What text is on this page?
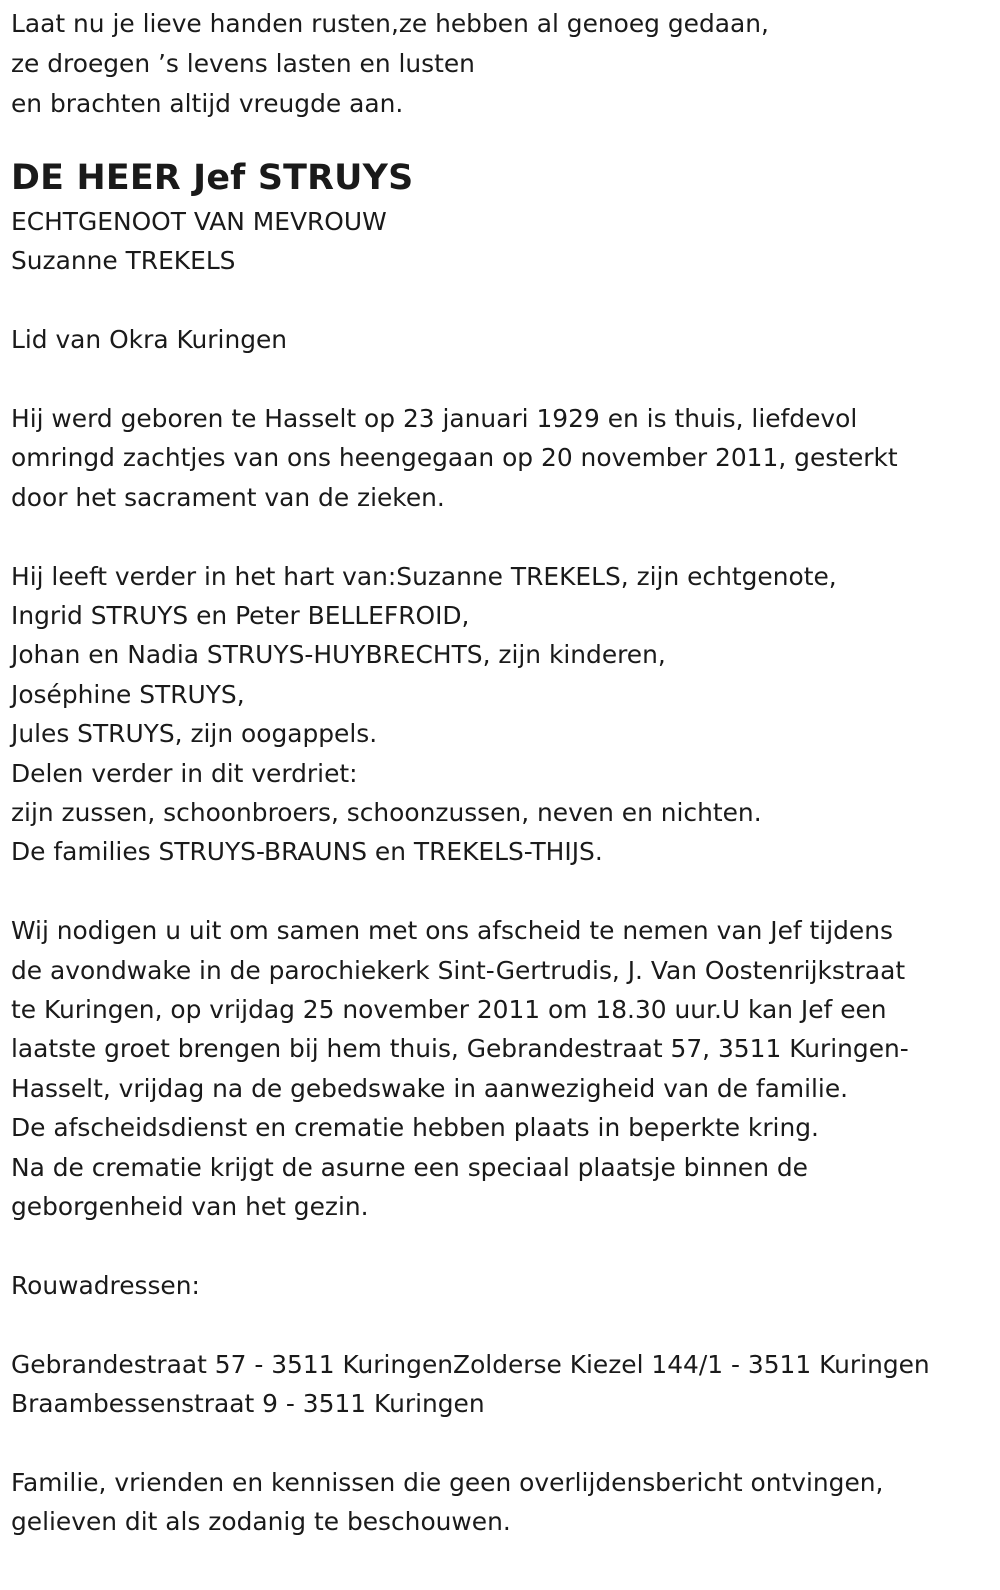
Laat nu je lieve handen rusten,ze hebben al genoeg gedaan,
ze droegen ’s levens lasten en lusten
en brachten altijd vreugde aan.
DE HEER Jef STRUYS
ECHTGENOOT VAN MEVROUW
Suzanne TREKELS
Lid van Okra Kuringen
Hij werd geboren te Hasselt op 23 januari 1929 en is thuis, liefdevol
omringd zachtjes van ons heengegaan op 20 november 2011, gesterkt
door het sacrament van de zieken.
Hij leeft verder in het hart van:Suzanne TREKELS, zijn echtgenote,
Ingrid STRUYS en Peter BELLEFROID,
Johan en Nadia STRUYS-HUYBRECHTS, zijn kinderen,
Joséphine STRUYS,
Jules STRUYS, zijn oogappels.
Delen verder in dit verdriet:
zijn zussen, schoonbroers, schoonzussen, neven en nichten.
De families STRUYS-BRAUNS en TREKELS-THIJS.
Wij nodigen u uit om samen met ons afscheid te nemen van Jef tijdens
de avondwake in de parochiekerk Sint-Gertrudis, J. Van Oostenrijkstraat
te Kuringen, op vrijdag 25 november 2011 om 18.30 uur.U kan Jef een
laatste groet brengen bij hem thuis, Gebrandestraat 57, 3511 Kuringen-
Hasselt, vrijdag na de gebedswake in aanwezigheid van de familie.
De afscheidsdienst en crematie hebben plaats in beperkte kring.
Na de crematie krijgt de asurne een speciaal plaatsje binnen de
geborgenheid van het gezin.
Rouwadressen:
Gebrandestraat 57 - 3511 KuringenZolderse Kiezel 144/1 - 3511 Kuringen
Braambessenstraat 9 - 3511 Kuringen
Familie, vrienden en kennissen die geen overlijdensbericht ontvingen,
gelieven dit als zodanig te beschouwen.
